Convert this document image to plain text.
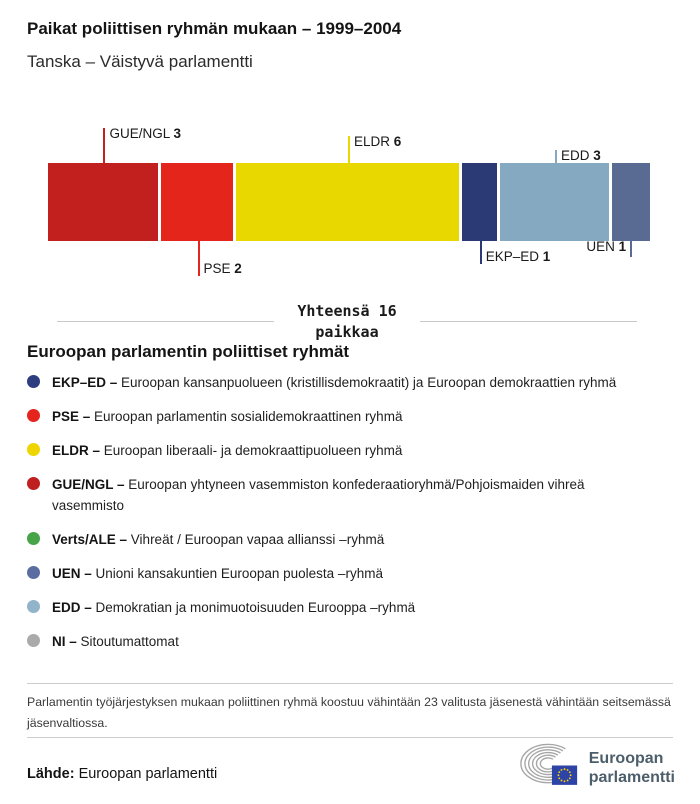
Paikat poliittisen ryhmän mukaan – 1999–2004
Tanska – Väistyvä parlamentti
GUE/NGL 3
PSE 2
ELDR 6
EKP–ED 1
EDD 3
UEN 1
Yhteensä 16 paikkaa
Euroopan parlamentin poliittiset ryhmät

EKP–ED – Euroopan kansanpuolueen (kristillisdemokraatit) ja Euroopan demokraattien ryhmä

PSE – Euroopan parlamentin sosialidemokraattinen ryhmä

ELDR – Euroopan liberaali- ja demokraattipuolueen ryhmä

GUE/NGL – Euroopan yhtyneen vasemmiston konfederaatioryhmä/Pohjoismaiden vihreä vasemmisto

Verts/ALE – Vihreät / Euroopan vapaa allianssi –ryhmä

UEN – Unioni kansakuntien Euroopan puolesta –ryhmä

EDD – Demokratian ja monimuotoisuuden Eurooppa –ryhmä

NI – Sitoutumattomat

Parlamentin työjärjestyksen mukaan poliittinen ryhmä koostuu vähintään 23 valitusta jäsenestä vähintään seitsemässä jäsenvaltiossa.
Lähde: Euroopan parlamentti
Euroopan
parlamentti
